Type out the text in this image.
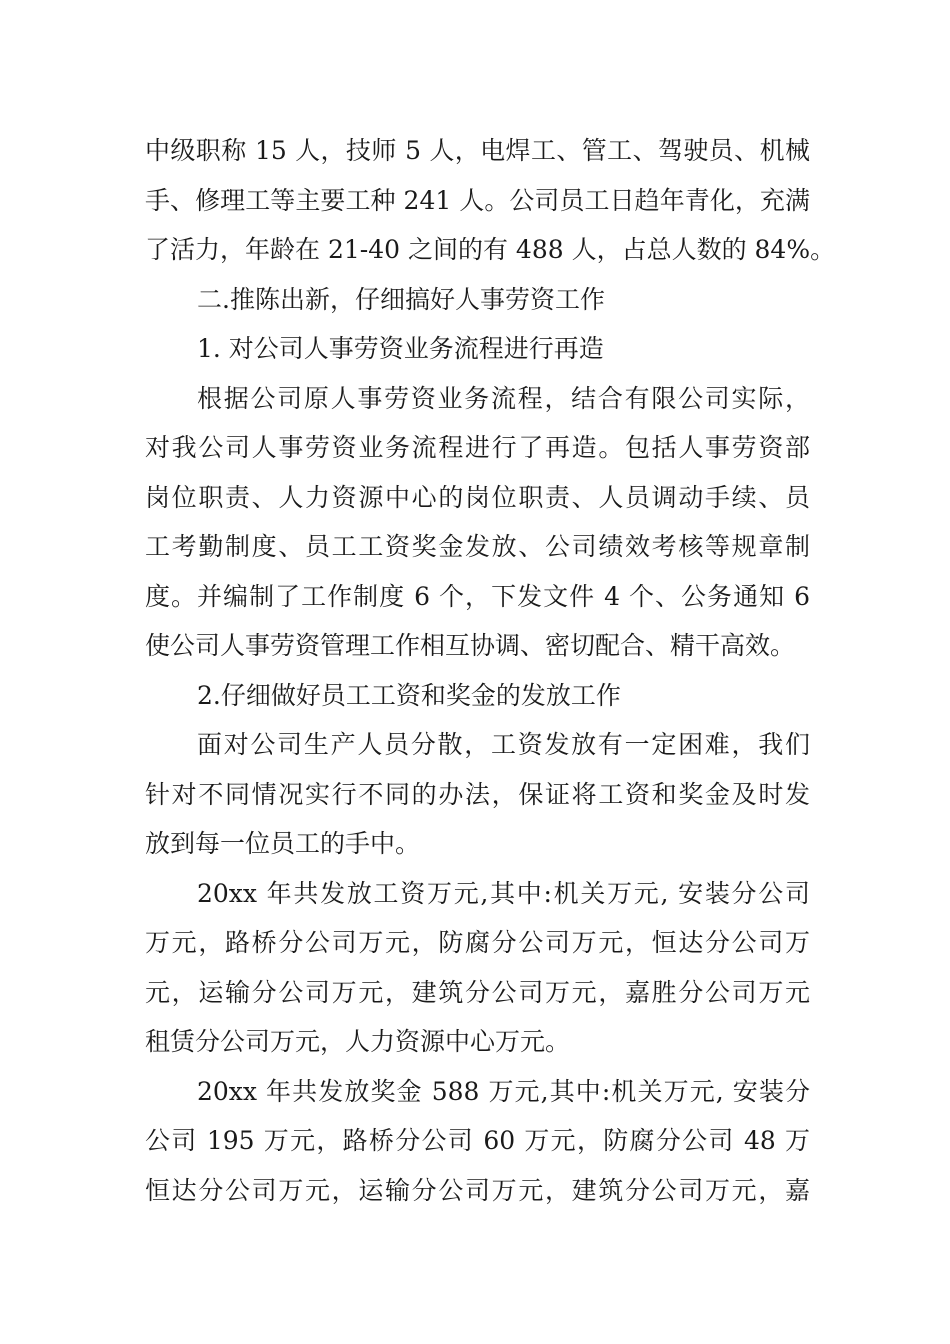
中级职称 15 人，技师 5 人，电焊工、管工、驾驶员、机械
手、修理工等主要工种 241 人。公司员工日趋年青化，充满
了活力，年龄在 21-40 之间的有 488 人，占总人数的 84%。
二.推陈出新，仔细搞好人事劳资工作
1. 对公司人事劳资业务流程进行再造
根据公司原人事劳资业务流程，结合有限公司实际，
对我公司人事劳资业务流程进行了再造。包括人事劳资部
岗位职责、人力资源中心的岗位职责、人员调动手续、员
工考勤制度、员工工资奖金发放、公司绩效考核等规章制
度。并编制了工作制度 6 个，下发文件 4 个、公务通知 6
使公司人事劳资管理工作相互协调、密切配合、精干高效。
2.仔细做好员工工资和奖金的发放工作
面对公司生产人员分散，工资发放有一定困难，我们
针对不同情况实行不同的办法，保证将工资和奖金及时发
放到每一位员工的手中。
20xx 年共发放工资万元,其中:机关万元, 安装分公司
万元，路桥分公司万元，防腐分公司万元，恒达分公司万
元，运输分公司万元，建筑分公司万元，嘉胜分公司万元
租赁分公司万元，人力资源中心万元。
20xx 年共发放奖金 588 万元,其中:机关万元, 安装分
公司 195 万元，路桥分公司 60 万元，防腐分公司 48 万
恒达分公司万元，运输分公司万元，建筑分公司万元，嘉
